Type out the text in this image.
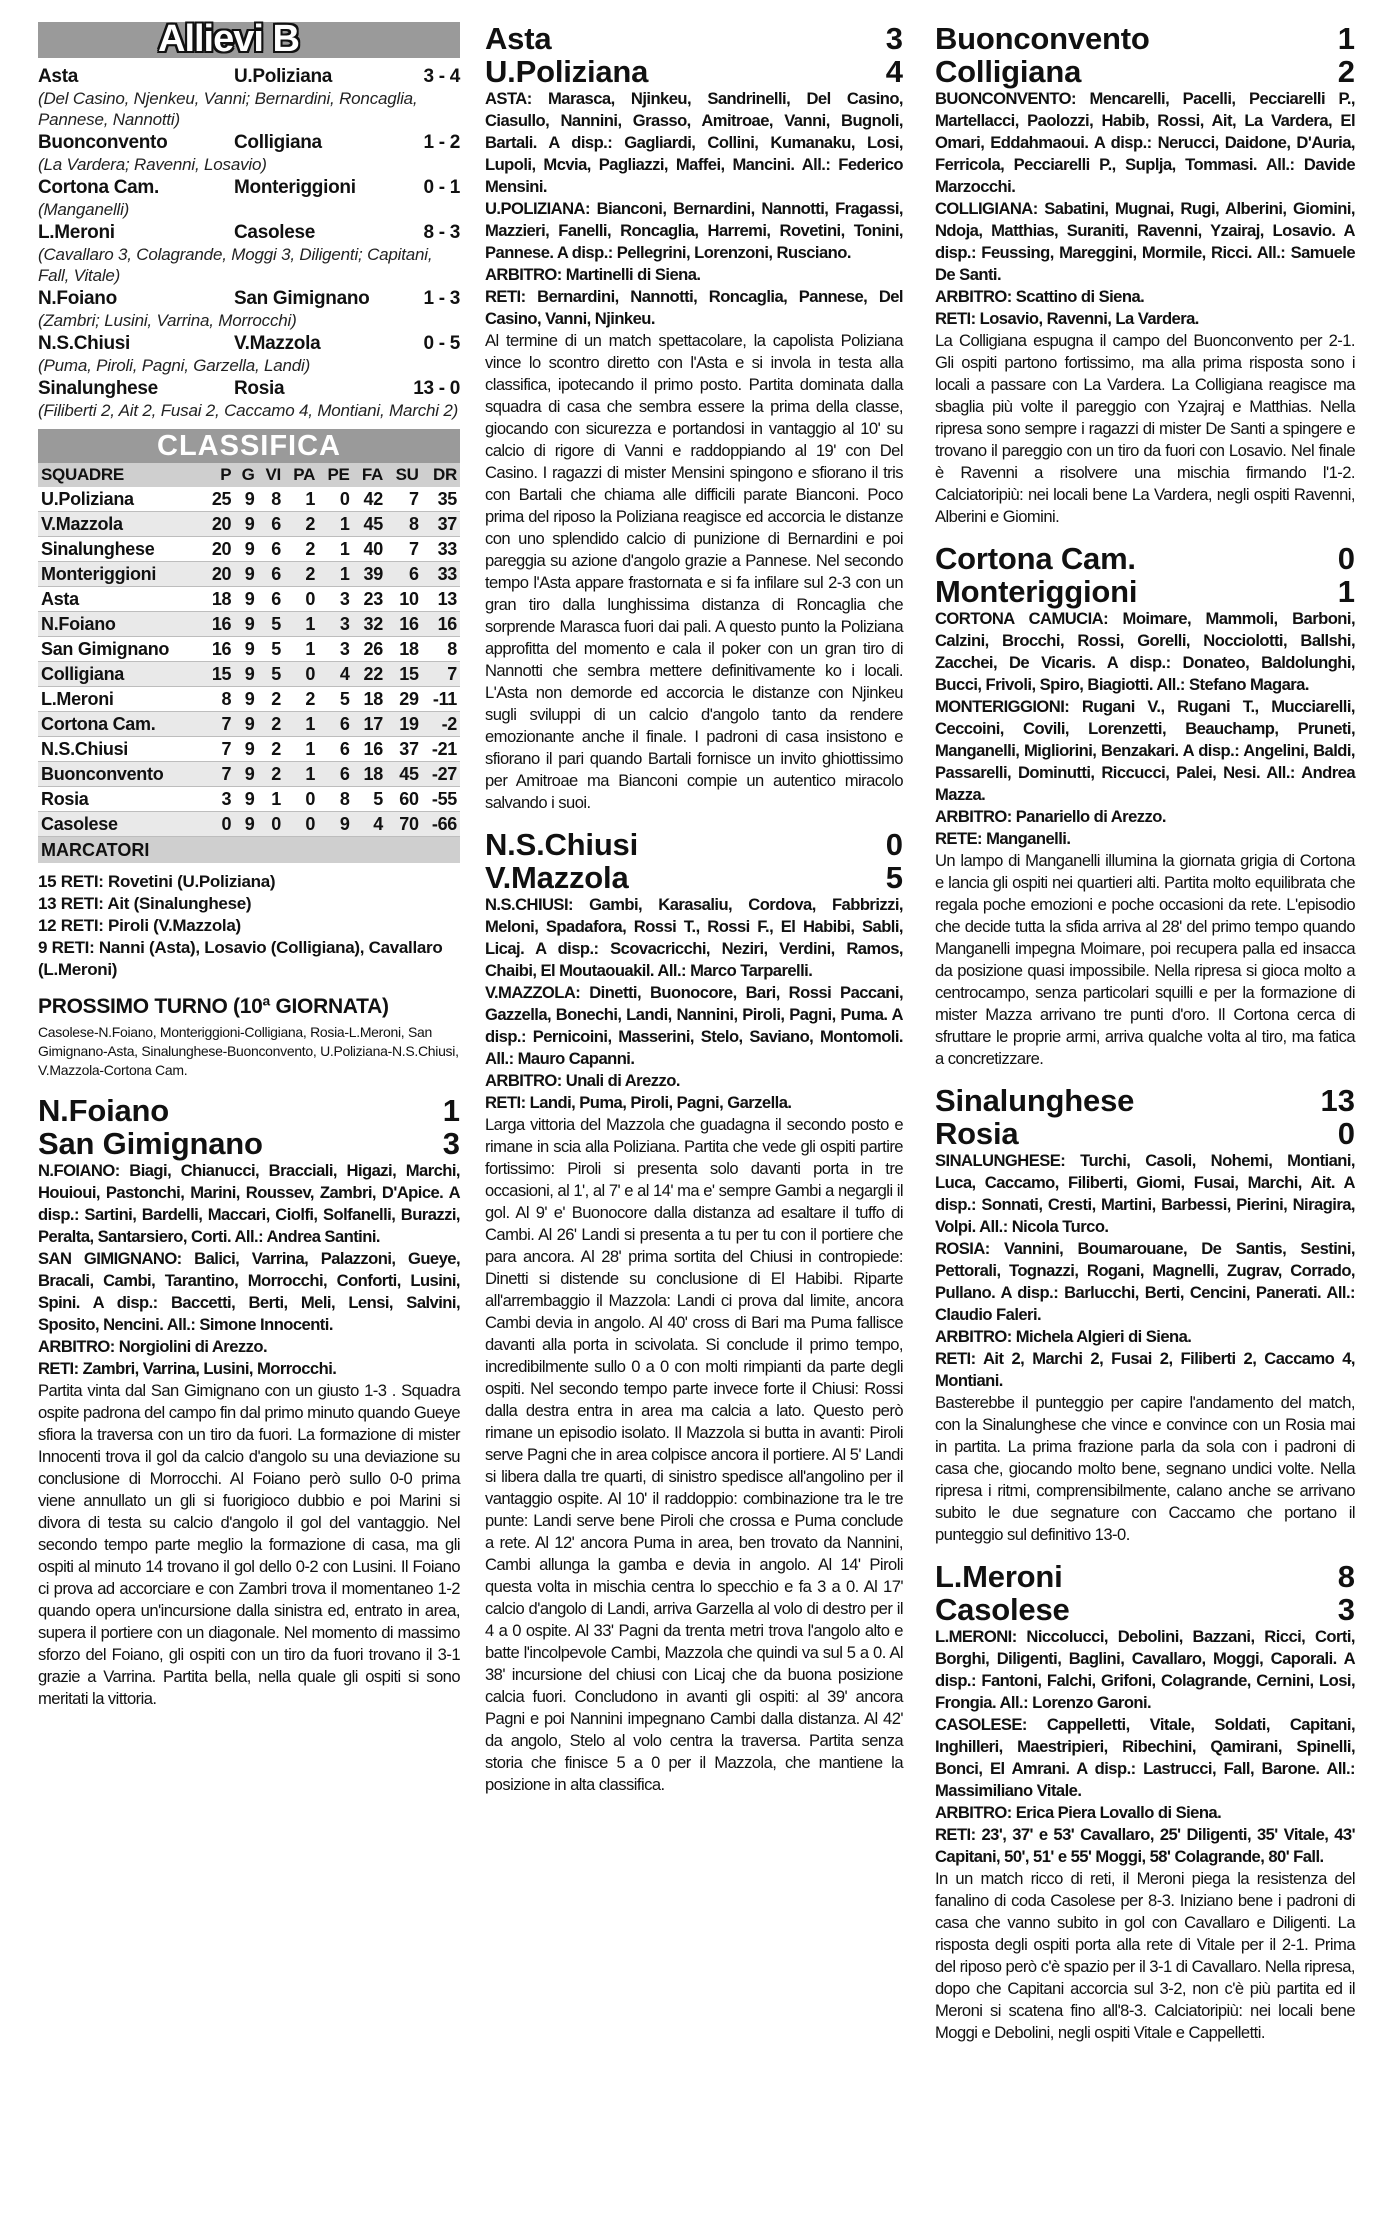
Allievi B
Asta	U.Poliziana	3 - 4
(Del Casino, Njenkeu, Vanni; Bernardini, Roncaglia, Pannese, Nannotti)
Buonconvento	Colligiana	1 - 2
(La Vardera; Ravenni, Losavio)
Cortona Cam.	Monteriggioni	0 - 1
(Manganelli)
L.Meroni	Casolese	8 - 3
(Cavallaro 3, Colagrande, Moggi 3, Diligenti; Capitani, Fall, Vitale)
N.Foiano	San Gimignano	1 - 3
(Zambri; Lusini, Varrina, Morrocchi)
N.S.Chiusi	V.Mazzola	0 - 5
(Puma, Piroli, Pagni, Garzella, Landi)
Sinalunghese	Rosia	13 - 0
(Filiberti 2, Ait 2, Fusai 2, Caccamo 4, Montiani, Marchi 2)
CLASSIFICA
SQUADRE	P	G	VI	PA	PE	FA	SU	DR
U.Poliziana	25	9	8	1	0	42	7	35
V.Mazzola	20	9	6	2	1	45	8	37
Sinalunghese	20	9	6	2	1	40	7	33
Monteriggioni	20	9	6	2	1	39	6	33
Asta	18	9	6	0	3	23	10	13
N.Foiano	16	9	5	1	3	32	16	16
San Gimignano	16	9	5	1	3	26	18	8
Colligiana	15	9	5	0	4	22	15	7
L.Meroni	8	9	2	2	5	18	29	-11
Cortona Cam.	7	9	2	1	6	17	19	-2
N.S.Chiusi	7	9	2	1	6	16	37	-21
Buonconvento	7	9	2	1	6	18	45	-27
Rosia	3	9	1	0	8	5	60	-55
Casolese	0	9	0	0	9	4	70	-66
MARCATORI
15 RETI: Rovetini (U.Poliziana)
13 RETI: Ait (Sinalunghese)
12 RETI: Piroli (V.Mazzola)
9 RETI: Nanni (Asta), Losavio (Colligiana), Cavallaro (L.Meroni)
PROSSIMO TURNO (10ª GIORNATA)
Casolese-N.Foiano, Monteriggioni-Colligiana, Rosia-L.Meroni, San Gimignano-Asta, Sinalunghese-Buonconvento, U.Poliziana-N.S.Chiusi, V.Mazzola-Cortona Cam.
N.Foiano	1
San Gimignano	3
N.FOIANO: Biagi, Chianucci, Bracciali, Higazi, Marchi, Houioui, Pastonchi, Marini, Roussev, Zambri, D'Apice. A disp.: Sartini, Bardelli, Maccari, Ciolfi, Solfanelli, Burazzi, Peralta, Santarsiero, Corti. All.: Andrea Santini.
SAN GIMIGNANO: Balici, Varrina, Palazzoni, Gueye, Bracali, Cambi, Tarantino, Morrocchi, Conforti, Lusini, Spini. A disp.: Baccetti, Berti, Meli, Lensi, Salvini, Sposito, Nencini. All.: Simone Innocenti.
ARBITRO: Norgiolini di Arezzo.
RETI: Zambri, Varrina, Lusini, Morrocchi.
Partita vinta dal San Gimignano con un giusto 1-3 . Squadra ospite padrona del campo fin dal primo minuto quando Gueye sfiora la traversa con un tiro da fuori. La formazione di mister Innocenti trova il gol da calcio d'angolo su una deviazione su conclusione di Morrocchi. Al Foiano però sullo 0-0 prima viene annullato un gli si fuorigioco dubbio e poi Marini si divora di testa su calcio d'angolo il gol del vantaggio. Nel secondo tempo parte meglio la formazione di casa, ma gli ospiti al minuto 14 trovano il gol dello 0-2 con Lusini. Il Foiano ci prova ad accorciare e con Zambri trova il momentaneo 1-2 quando opera un'incursione dalla sinistra ed, entrato in area, supera il portiere con un diagonale. Nel momento di massimo sforzo del Foiano, gli ospiti con un tiro da fuori trovano il 3-1 grazie a Varrina. Partita bella, nella quale gli ospiti si sono meritati la vittoria.
Asta	3
U.Poliziana	4
ASTA: Marasca, Njinkeu, Sandrinelli, Del Casino, Ciasullo, Nannini, Grasso, Amitroae, Vanni, Bugnoli, Bartali. A disp.: Gagliardi, Collini, Kumanaku, Losi, Lupoli, Mcvia, Pagliazzi, Maffei, Mancini. All.: Federico Mensini.
U.POLIZIANA: Bianconi, Bernardini, Nannotti, Fragassi, Mazzieri, Fanelli, Roncaglia, Harremi, Rovetini, Tonini, Pannese. A disp.: Pellegrini, Lorenzoni, Rusciano.
ARBITRO: Martinelli di Siena.
RETI: Bernardini, Nannotti, Roncaglia, Pannese, Del Casino, Vanni, Njinkeu.
Al termine di un match spettacolare, la capolista Poliziana vince lo scontro diretto con l'Asta e si invola in testa alla classifica, ipotecando il primo posto. Partita dominata dalla squadra di casa che sembra essere la prima della classe, giocando con sicurezza e portandosi in vantaggio al 10' su calcio di rigore di Vanni e raddoppiando al 19' con Del Casino. I ragazzi di mister Mensini spingono e sfiorano il tris con Bartali che chiama alle difficili parate Bianconi. Poco prima del riposo la Poliziana reagisce ed accorcia le distanze con uno splendido calcio di punizione di Bernardini e poi pareggia su azione d'angolo grazie a Pannese. Nel secondo tempo l'Asta appare frastornata e si fa infilare sul 2-3 con un gran tiro dalla lunghissima distanza di Roncaglia che sorprende Marasca fuori dai pali. A questo punto la Poliziana approfitta del momento e cala il poker con un gran tiro di Nannotti che sembra mettere definitivamente ko i locali. L'Asta non demorde ed accorcia le distanze con Njinkeu sugli sviluppi di un calcio d'angolo tanto da rendere emozionante anche il finale. I padroni di casa insistono e sfiorano il pari quando Bartali fornisce un invito ghiottissimo per Amitroae ma Bianconi compie un autentico miracolo salvando i suoi.
N.S.Chiusi	0
V.Mazzola	5
N.S.CHIUSI: Gambi, Karasaliu, Cordova, Fabbrizzi, Meloni, Spadafora, Rossi T., Rossi F., El Habibi, Sabli, Licaj. A disp.: Scovacricchi, Neziri, Verdini, Ramos, Chaibi, El Moutaouakil. All.: Marco Tarparelli.
V.MAZZOLA: Dinetti, Buonocore, Bari, Rossi Paccani, Gazzella, Bonechi, Landi, Nannini, Piroli, Pagni, Puma. A disp.: Pernicoini, Masserini, Stelo, Saviano, Montomoli. All.: Mauro Capanni.
ARBITRO: Unali di Arezzo.
RETI: Landi, Puma, Piroli, Pagni, Garzella.
Larga vittoria del Mazzola che guadagna il secondo posto e rimane in scia alla Poliziana. Partita che vede gli ospiti partire fortissimo: Piroli si presenta solo davanti porta in tre occasioni, al 1', al 7' e al 14' ma e' sempre Gambi a negargli il gol. Al 9' e' Buonocore dalla distanza ad esaltare il tuffo di Cambi. Al 26' Landi si presenta a tu per tu con il portiere che para ancora. Al 28' prima sortita del Chiusi in contropiede: Dinetti si distende su conclusione di El Habibi. Riparte all'arrembaggio il Mazzola: Landi ci prova dal limite, ancora Cambi devia in angolo. Al 40' cross di Bari ma Puma fallisce davanti alla porta in scivolata. Si conclude il primo tempo, incredibilmente sullo 0 a 0 con molti rimpianti da parte degli ospiti. Nel secondo tempo parte invece forte il Chiusi: Rossi dalla destra entra in area ma calcia a lato. Questo però rimane un episodio isolato. Il Mazzola si butta in avanti: Piroli serve Pagni che in area colpisce ancora il portiere. Al 5' Landi si libera dalla tre quarti, di sinistro spedisce all'angolino per il vantaggio ospite. Al 10' il raddoppio: combinazione tra le tre punte: Landi serve bene Piroli che crossa e Puma conclude a rete. Al 12' ancora Puma in area, ben trovato da Nannini, Cambi allunga la gamba e devia in angolo. Al 14' Piroli questa volta in mischia centra lo specchio e fa 3 a 0. Al 17' calcio d'angolo di Landi, arriva Garzella al volo di destro per il 4 a 0 ospite. Al 33' Pagni da trenta metri trova l'angolo alto e batte l'incolpevole Cambi, Mazzola che quindi va sul 5 a 0. Al 38' incursione del chiusi con Licaj che da buona posizione calcia fuori. Concludono in avanti gli ospiti: al 39' ancora Pagni e poi Nannini impegnano Cambi dalla distanza. Al 42' da angolo, Stelo al volo centra la traversa. Partita senza storia che finisce 5 a 0 per il Mazzola, che mantiene la posizione in alta classifica.
Buonconvento	1
Colligiana	2
BUONCONVENTO: Mencarelli, Pacelli, Pecciarelli P., Martellacci, Paolozzi, Habib, Rossi, Ait, La Vardera, El Omari, Eddahmaoui. A disp.: Nerucci, Daidone, D'Auria, Ferricola, Pecciarelli P., Suplja, Tommasi. All.: Davide Marzocchi.
COLLIGIANA: Sabatini, Mugnai, Rugi, Alberini, Giomini, Ndoja, Matthias, Suraniti, Ravenni, Yzairaj, Losavio. A disp.: Feussing, Mareggini, Mormile, Ricci. All.: Samuele De Santi.
ARBITRO: Scattino di Siena.
RETI: Losavio, Ravenni, La Vardera.
La Colligiana espugna il campo del Buonconvento per 2-1. Gli ospiti partono fortissimo, ma alla prima risposta sono i locali a passare con La Vardera. La Colligiana reagisce ma sbaglia più volte il pareggio con Yzajraj e Matthias. Nella ripresa sono sempre i ragazzi di mister De Santi a spingere e trovano il pareggio con un tiro da fuori con Losavio. Nel finale è Ravenni a risolvere una mischia firmando l'1-2. Calciatoripiù: nei locali bene La Vardera, negli ospiti Ravenni, Alberini e Giomini.
Cortona Cam.	0
Monteriggioni	1
CORTONA CAMUCIA: Moimare, Mammoli, Barboni, Calzini, Brocchi, Rossi, Gorelli, Nocciolotti, Ballshi, Zacchei, De Vicaris. A disp.: Donateo, Baldolunghi, Bucci, Frivoli, Spiro, Biagiotti. All.: Stefano Magara.
MONTERIGGIONI: Rugani V., Rugani T., Mucciarelli, Ceccoini, Covili, Lorenzetti, Beauchamp, Pruneti, Manganelli, Migliorini, Benzakari. A disp.: Angelini, Baldi, Passarelli, Dominutti, Riccucci, Palei, Nesi. All.: Andrea Mazza.
ARBITRO: Panariello di Arezzo.
RETE: Manganelli.
Un lampo di Manganelli illumina la giornata grigia di Cortona e lancia gli ospiti nei quartieri alti. Partita molto equilibrata che regala poche emozioni e poche occasioni da rete. L'episodio che decide tutta la sfida arriva al 28' del primo tempo quando Manganelli impegna Moimare, poi recupera palla ed insacca da posizione quasi impossibile. Nella ripresa si gioca molto a centrocampo, senza particolari squilli e per la formazione di mister Mazza arrivano tre punti d'oro. Il Cortona cerca di sfruttare le proprie armi, arriva qualche volta al tiro, ma fatica a concretizzare.
Sinalunghese	13
Rosia	0
SINALUNGHESE: Turchi, Casoli, Nohemi, Montiani, Luca, Caccamo, Filiberti, Giomi, Fusai, Marchi, Ait. A disp.: Sonnati, Cresti, Martini, Barbessi, Pierini, Niragira, Volpi. All.: Nicola Turco.
ROSIA: Vannini, Boumarouane, De Santis, Sestini, Pettorali, Tognazzi, Rogani, Magnelli, Zugrav, Corrado, Pullano. A disp.: Barlucchi, Berti, Cencini, Panerati. All.: Claudio Faleri.
ARBITRO: Michela Algieri di Siena.
RETI: Ait 2, Marchi 2, Fusai 2, Filiberti 2, Caccamo 4, Montiani.
Basterebbe il punteggio per capire l'andamento del match, con la Sinalunghese che vince e convince con un Rosia mai in partita. La prima frazione parla da sola con i padroni di casa che, giocando molto bene, segnano undici volte. Nella ripresa i ritmi, comprensibilmente, calano anche se arrivano subito le due segnature con Caccamo che portano il punteggio sul definitivo 13-0.
L.Meroni	8
Casolese	3
L.MERONI: Niccolucci, Debolini, Bazzani, Ricci, Corti, Borghi, Diligenti, Baglini, Cavallaro, Moggi, Caporali. A disp.: Fantoni, Falchi, Grifoni, Colagrande, Cernini, Losi, Frongia. All.: Lorenzo Garoni.
CASOLESE: Cappelletti, Vitale, Soldati, Capitani, Inghilleri, Maestripieri, Ribechini, Qamirani, Spinelli, Bonci, El Amrani. A disp.: Lastrucci, Fall, Barone. All.: Massimiliano Vitale.
ARBITRO: Erica Piera Lovallo di Siena.
RETI: 23', 37' e 53' Cavallaro, 25' Diligenti, 35' Vitale, 43' Capitani, 50', 51' e 55' Moggi, 58' Colagrande, 80' Fall.
In un match ricco di reti, il Meroni piega la resistenza del fanalino di coda Casolese per 8-3. Iniziano bene i padroni di casa che vanno subito in gol con Cavallaro e Diligenti. La risposta degli ospiti porta alla rete di Vitale per il 2-1. Prima del riposo però c'è spazio per il 3-1 di Cavallaro. Nella ripresa, dopo che Capitani accorcia sul 3-2, non c'è più partita ed il Meroni si scatena fino all'8-3. Calciatoripiù: nei locali bene Moggi e Debolini, negli ospiti Vitale e Cappelletti.
